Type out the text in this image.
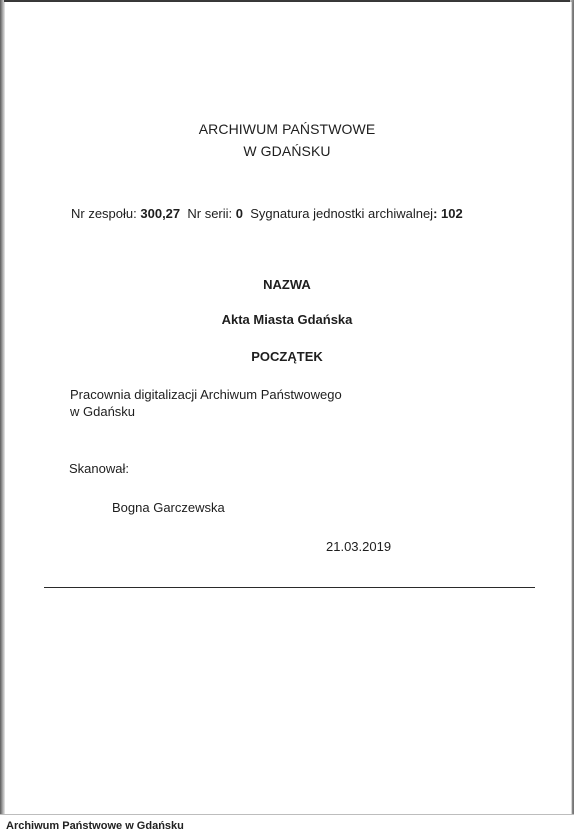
ARCHIWUM PAŃSTWOWE
W GDAŃSKU
Nr zespołu: 300,27 Nr serii: 0 Sygnatura jednostki archiwalnej: 102
NAZWA
Akta Miasta Gdańska
POCZĄTEK
Pracownia digitalizacji Archiwum Państwowego
w Gdańsku
Skanował:
Bogna Garczewska
21.03.2019
Archiwum Państwowe w Gdańsku
